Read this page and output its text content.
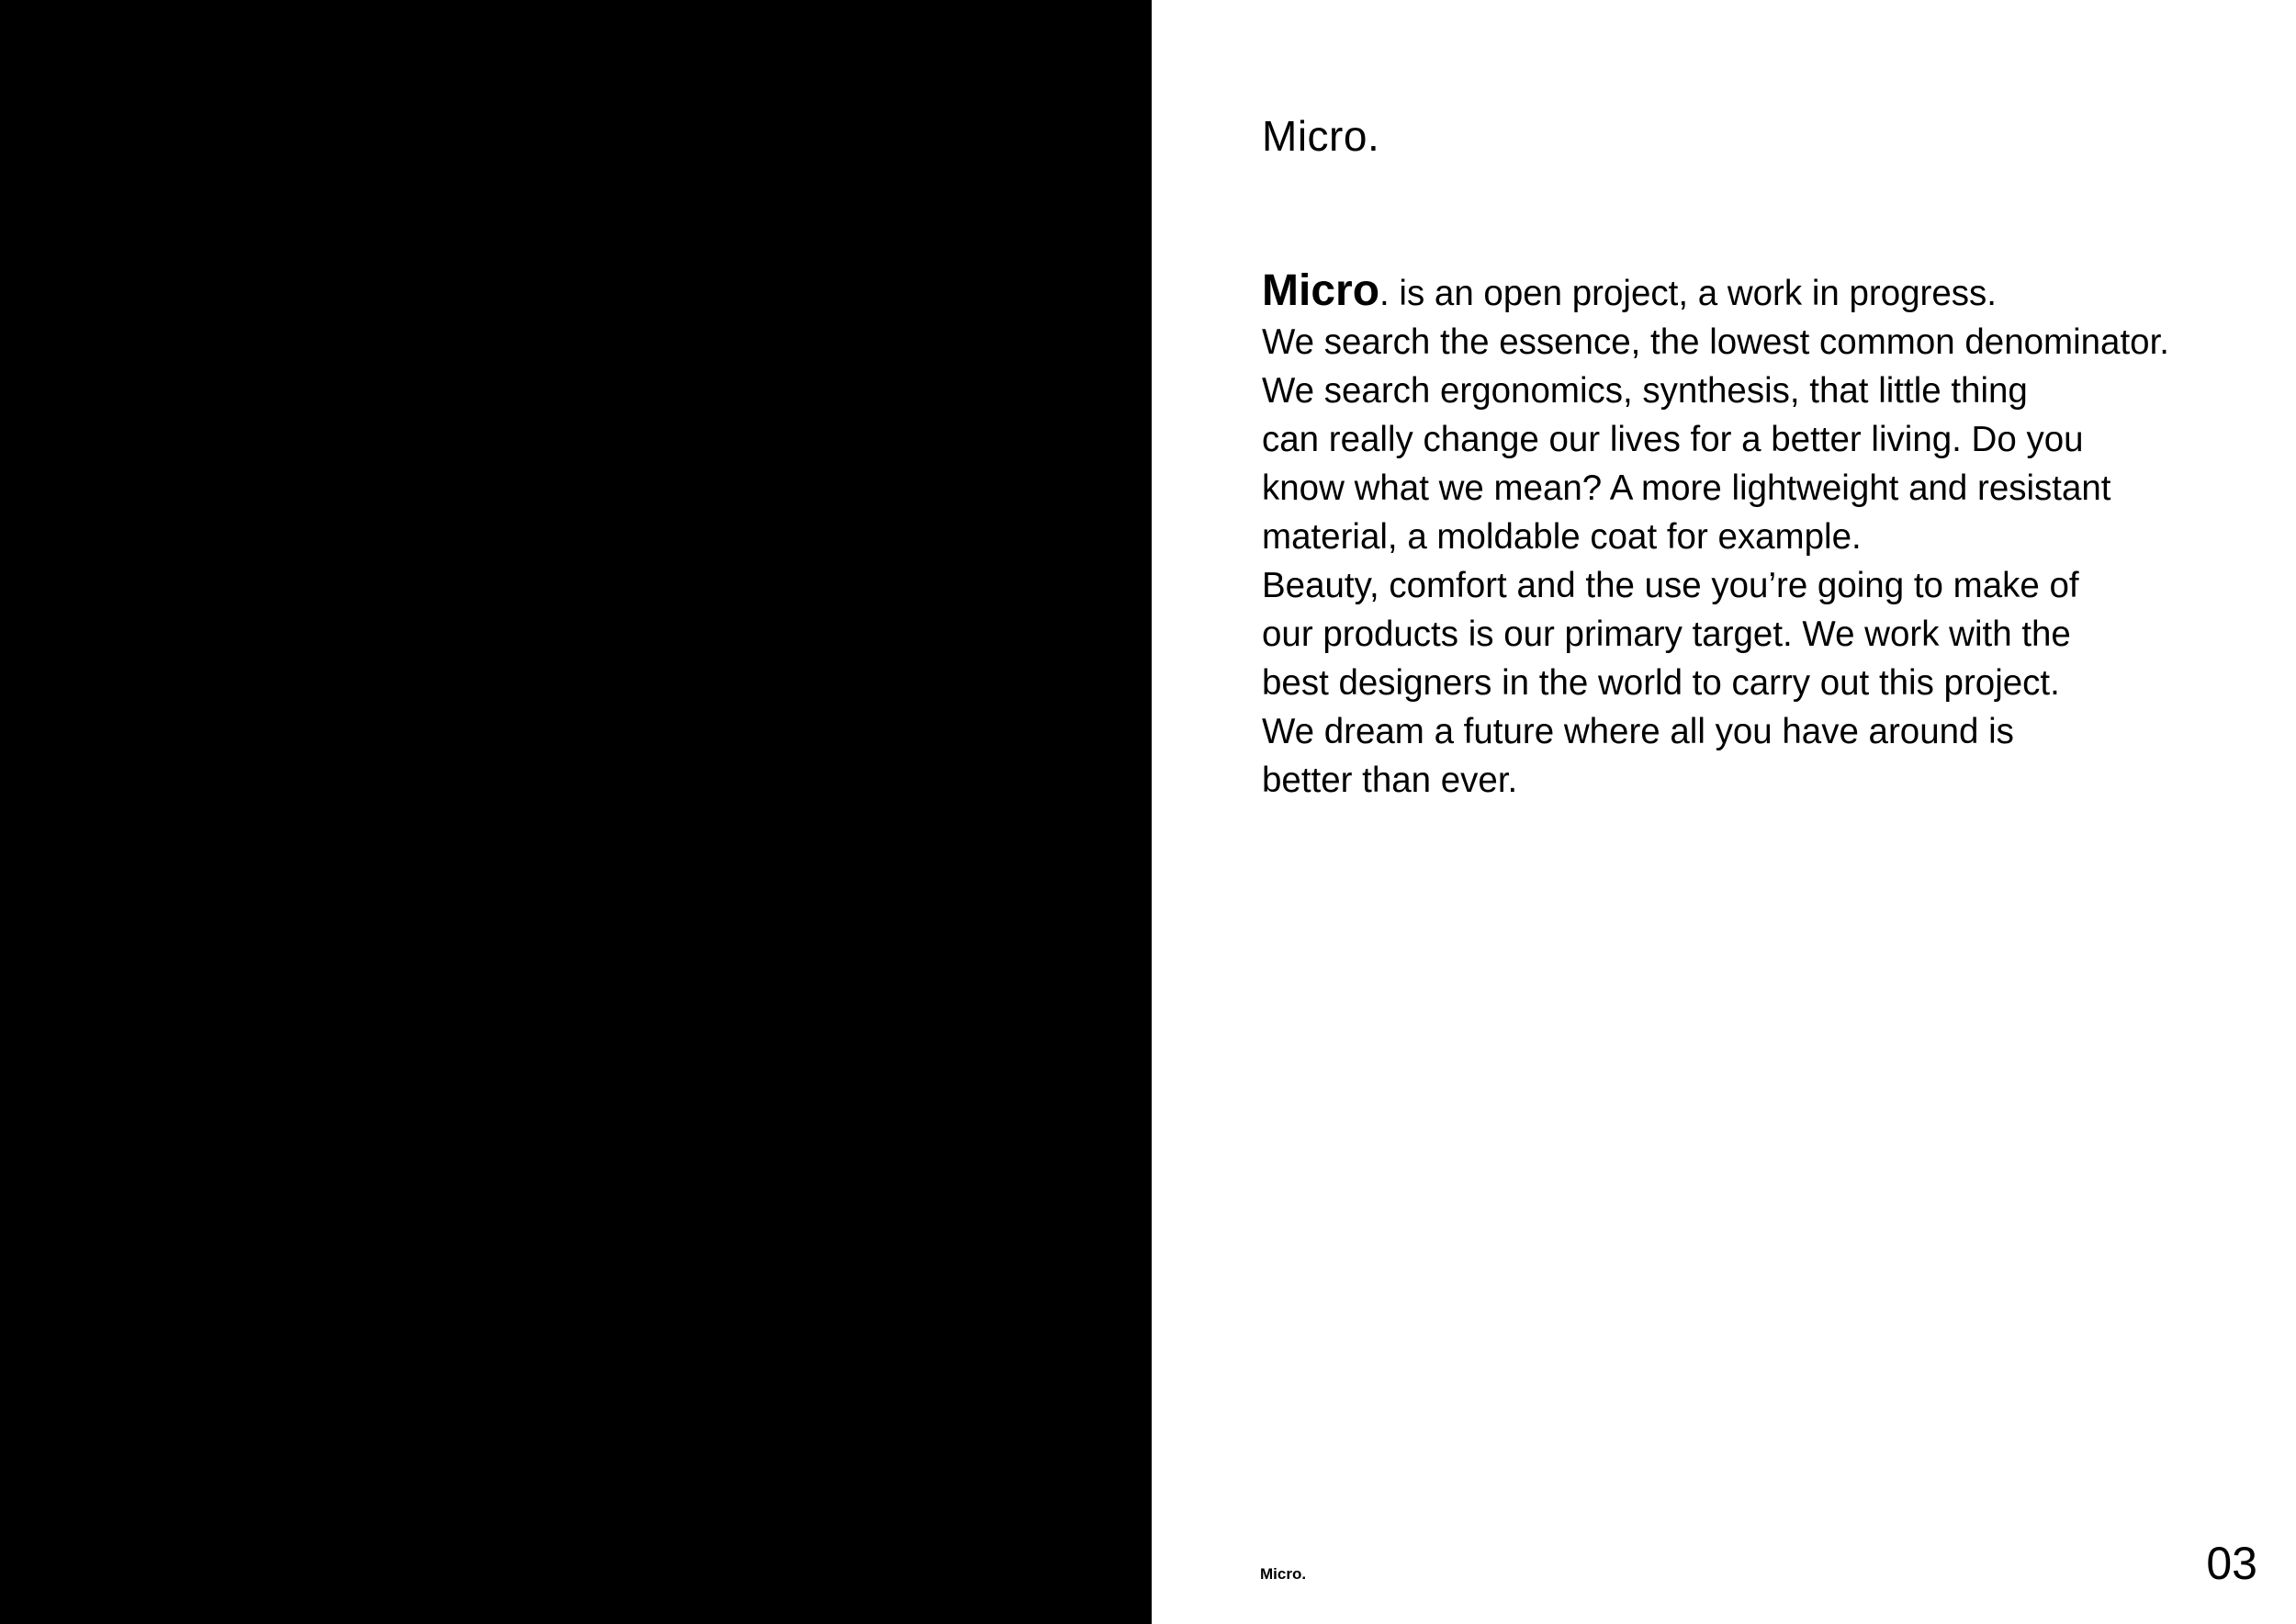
Micro.
Micro. is an open project, a work in progress.
We search the essence, the lowest common denominator.
We search ergonomics, synthesis, that little thing
can really change our lives for a better living. Do you
know what we mean? A more lightweight and resistant
material, a moldable coat for example.
Beauty, comfort and the use you’re going to make of
our products is our primary target. We work with the
best designers in the world to carry out this project.
We dream a future where all you have around is
better than ever.
Micro.	03
